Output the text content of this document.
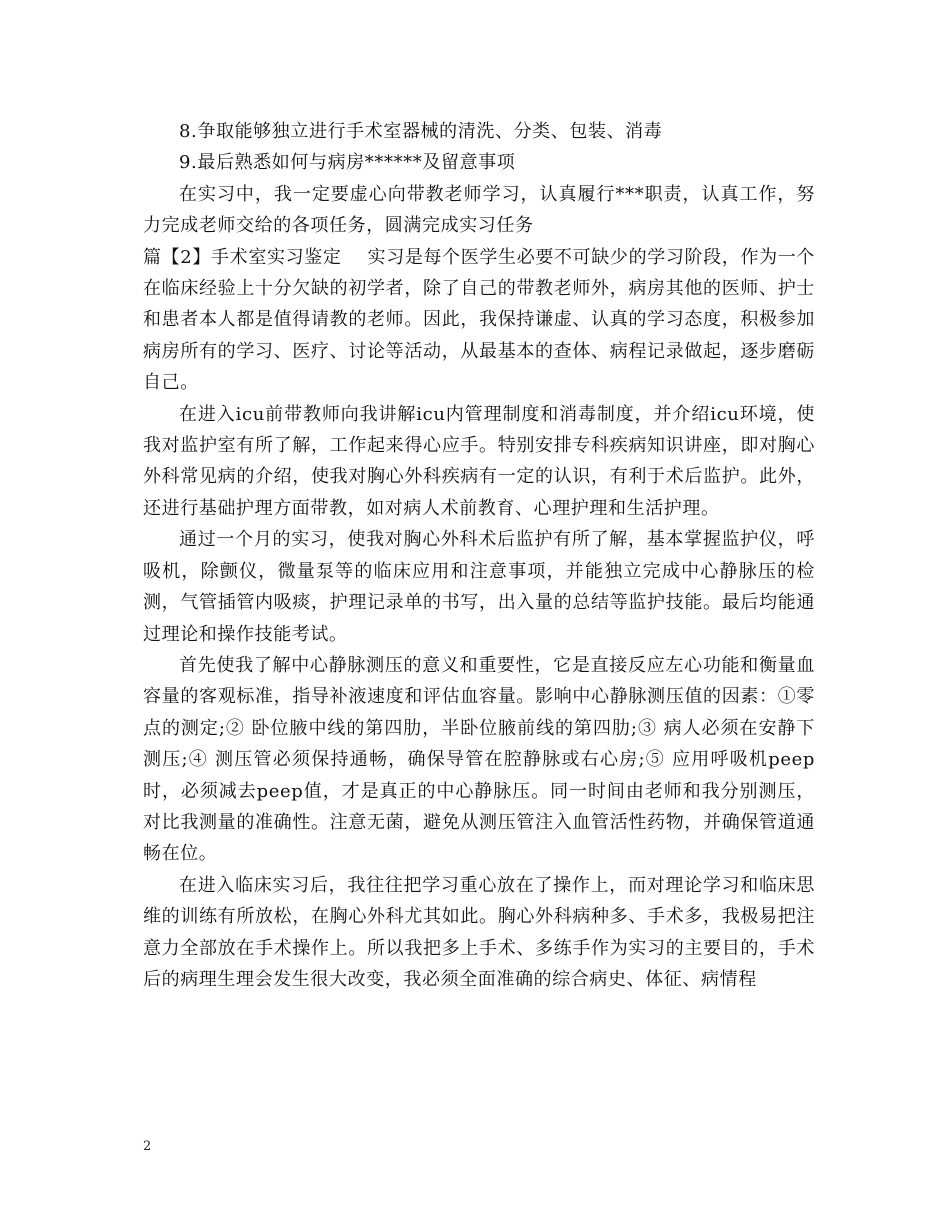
8.争取能够独立进行手术室器械的清洗、分类、包装、消毒

9.最后熟悉如何与病房******及留意事项

在实习中，我一定要虚心向带教老师学习，认真履行***职责，认真工作，努力完成老师交给的各项任务，圆满完成实习任务

篇【2】手术室实习鉴定 实习是每个医学生必要不可缺少的学习阶段，作为一个在临床经验上十分欠缺的初学者，除了自己的带教老师外，病房其他的医师、护士和患者本人都是值得请教的老师。因此，我保持谦虚、认真的学习态度，积极参加病房所有的学习、医疗、讨论等活动，从最基本的查体、病程记录做起，逐步磨砺自己。

在进入icu前带教师向我讲解icu内管理制度和消毒制度，并介绍icu环境，使我对监护室有所了解，工作起来得心应手。特别安排专科疾病知识讲座，即对胸心外科常见病的介绍，使我对胸心外科疾病有一定的认识，有利于术后监护。此外，还进行基础护理方面带教，如对病人术前教育、心理护理和生活护理。

通过一个月的实习，使我对胸心外科术后监护有所了解，基本掌握监护仪，呼吸机，除颤仪，微量泵等的临床应用和注意事项，并能独立完成中心静脉压的检测，气管插管内吸痰，护理记录单的书写，出入量的总结等监护技能。最后均能通过理论和操作技能考试。

首先使我了解中心静脉测压的意义和重要性，它是直接反应左心功能和衡量血容量的客观标准，指导补液速度和评估血容量。影响中心静脉测压值的因素：①零点的测定;② 卧位腋中线的第四肋，半卧位腋前线的第四肋;③ 病人必须在安静下测压;④ 测压管必须保持通畅，确保导管在腔静脉或右心房;⑤ 应用呼吸机peep时，必须减去peep值，才是真正的中心静脉压。同一时间由老师和我分别测压，对比我测量的准确性。注意无菌，避免从测压管注入血管活性药物，并确保管道通畅在位。

在进入临床实习后，我往往把学习重心放在了操作上，而对理论学习和临床思维的训练有所放松，在胸心外科尤其如此。胸心外科病种多、手术多，我极易把注意力全部放在手术操作上。所以我把多上手术、多练手作为实习的主要目的，手术后的病理生理会发生很大改变，我必须全面准确的综合病史、体征、病情程

2
